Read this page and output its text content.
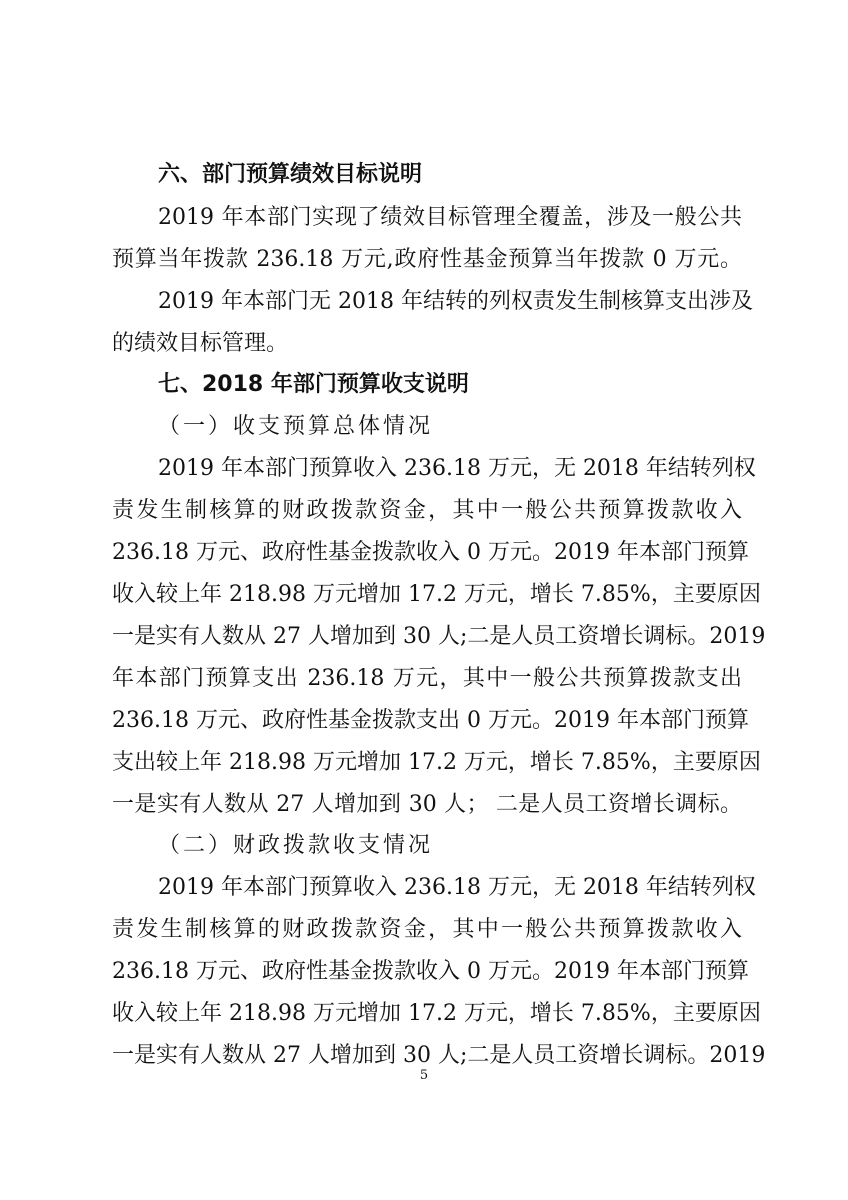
六、部门预算绩效目标说明
2019 年本部门实现了绩效目标管理全覆盖，涉及一般公共
预算当年拨款 236.18 万元,政府性基金预算当年拨款 0 万元。
2019 年本部门无 2018 年结转的列权责发生制核算支出涉及
的绩效目标管理。
七、2018 年部门预算收支说明
（一）收支预算总体情况
2019 年本部门预算收入 236.18 万元，无 2018 年结转列权
责发生制核算的财政拨款资金，其中一般公共预算拨款收入
236.18 万元、政府性基金拨款收入 0 万元。2019 年本部门预算
收入较上年 218.98 万元增加 17.2 万元，增长 7.85%，主要原因
一是实有人数从 27 人增加到 30 人;二是人员工资增长调标。2019
年本部门预算支出 236.18 万元，其中一般公共预算拨款支出
236.18 万元、政府性基金拨款支出 0 万元。2019 年本部门预算
支出较上年 218.98 万元增加 17.2 万元，增长 7.85%，主要原因
一是实有人数从 27 人增加到 30 人； 二是人员工资增长调标。
（二）财政拨款收支情况
2019 年本部门预算收入 236.18 万元，无 2018 年结转列权
责发生制核算的财政拨款资金，其中一般公共预算拨款收入
236.18 万元、政府性基金拨款收入 0 万元。2019 年本部门预算
收入较上年 218.98 万元增加 17.2 万元，增长 7.85%，主要原因
一是实有人数从 27 人增加到 30 人;二是人员工资增长调标。2019
5
